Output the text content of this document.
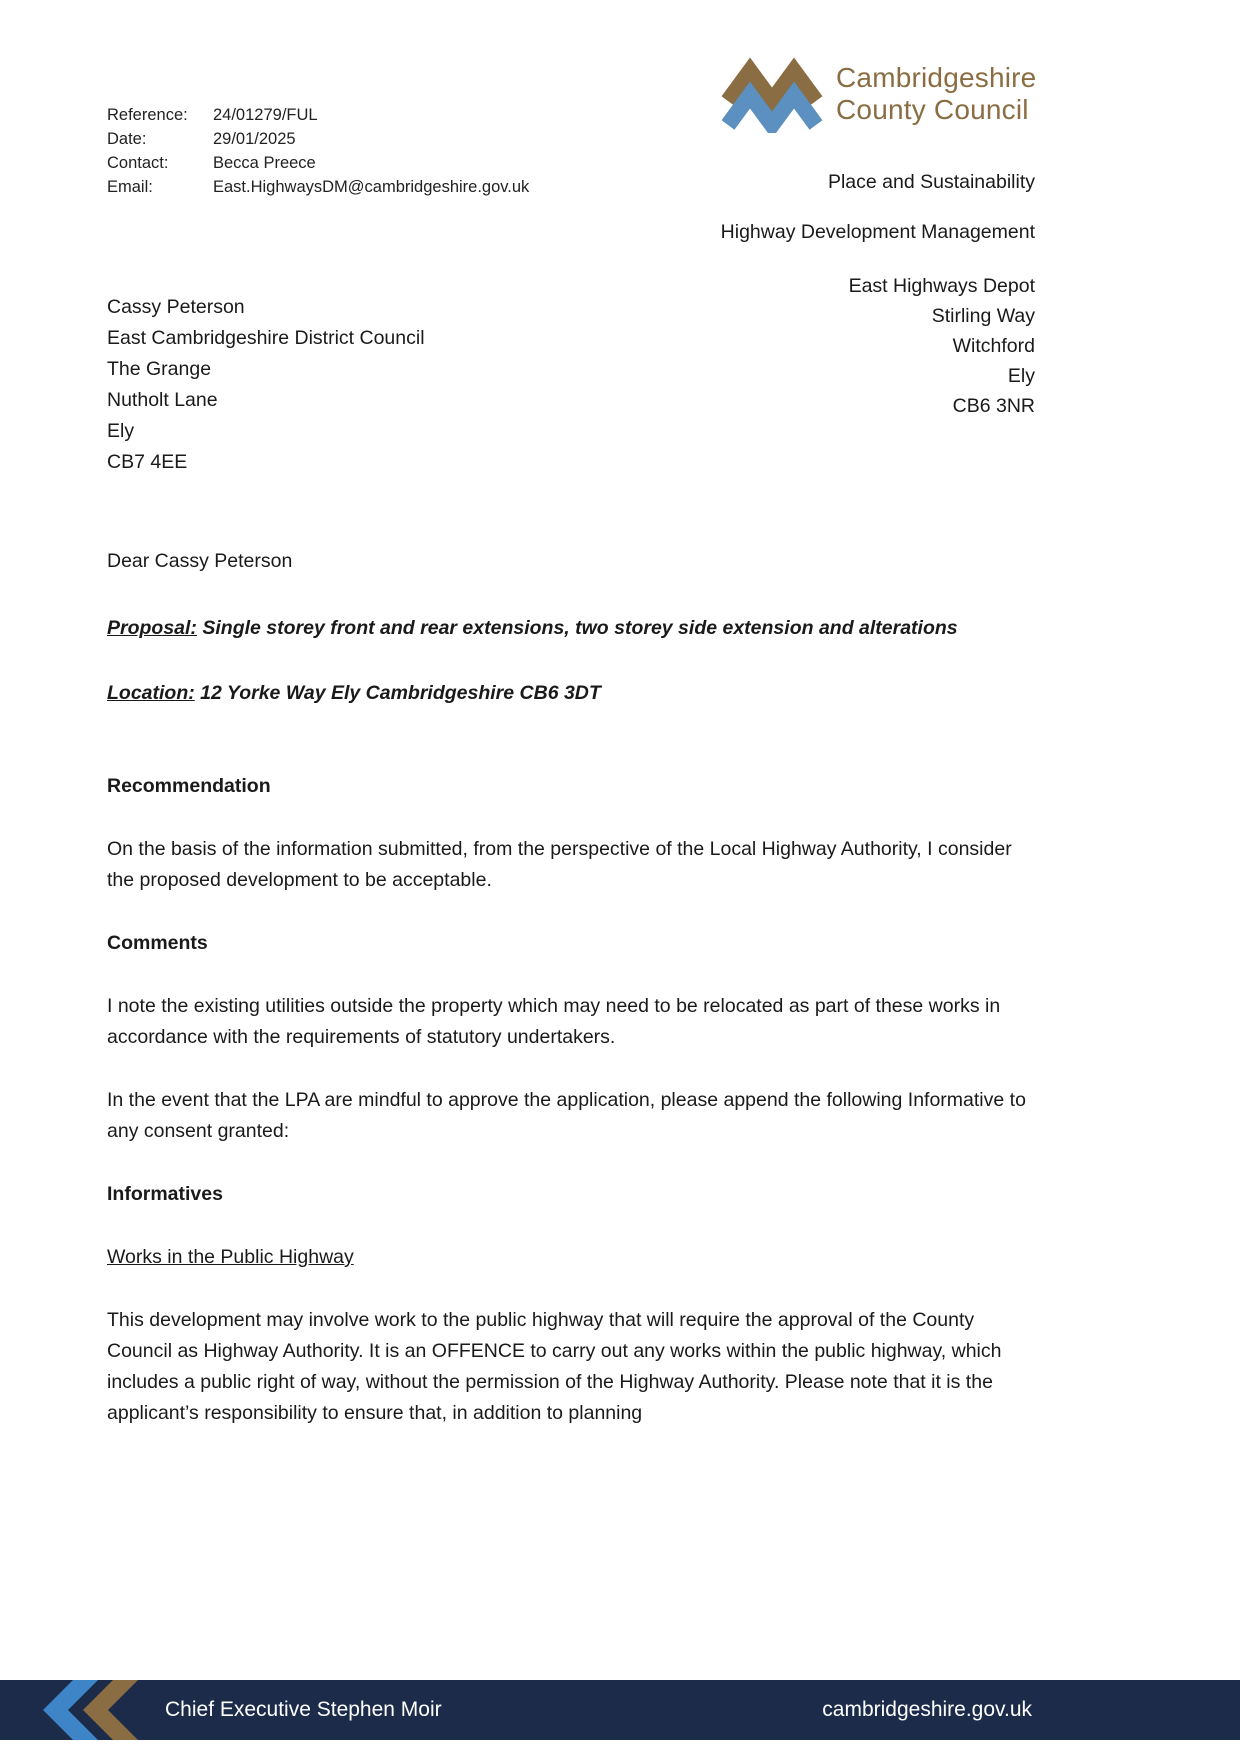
Reference:	24/01279/FUL
Date:	29/01/2025
Contact:	Becca Preece
Email:	East.HighwaysDM@cambridgeshire.gov.uk
Cambridgeshire
County Council
Place and Sustainability
Highway Development Management
East Highways Depot
Stirling Way
Witchford
Ely
CB6 3NR
Cassy Peterson
East Cambridgeshire District Council
The Grange
Nutholt Lane
Ely
CB7 4EE

Dear Cassy Peterson

Proposal: Single storey front and rear extensions, two storey side extension and alterations

Location: 12 Yorke Way Ely Cambridgeshire CB6 3DT

Recommendation

On the basis of the information submitted, from the perspective of the Local Highway Authority, I consider the proposed development to be acceptable.

Comments

I note the existing utilities outside the property which may need to be relocated as part of these works in accordance with the requirements of statutory undertakers.

In the event that the LPA are mindful to approve the application, please append the following Informative to any consent granted:

Informatives

Works in the Public Highway

This development may involve work to the public highway that will require the approval of the County Council as Highway Authority. It is an OFFENCE to carry out any works within the public highway, which includes a public right of way, without the permission of the Highway Authority. Please note that it is the applicant’s responsibility to ensure that, in addition to planning

Chief Executive Stephen Moir	cambridgeshire.gov.uk
